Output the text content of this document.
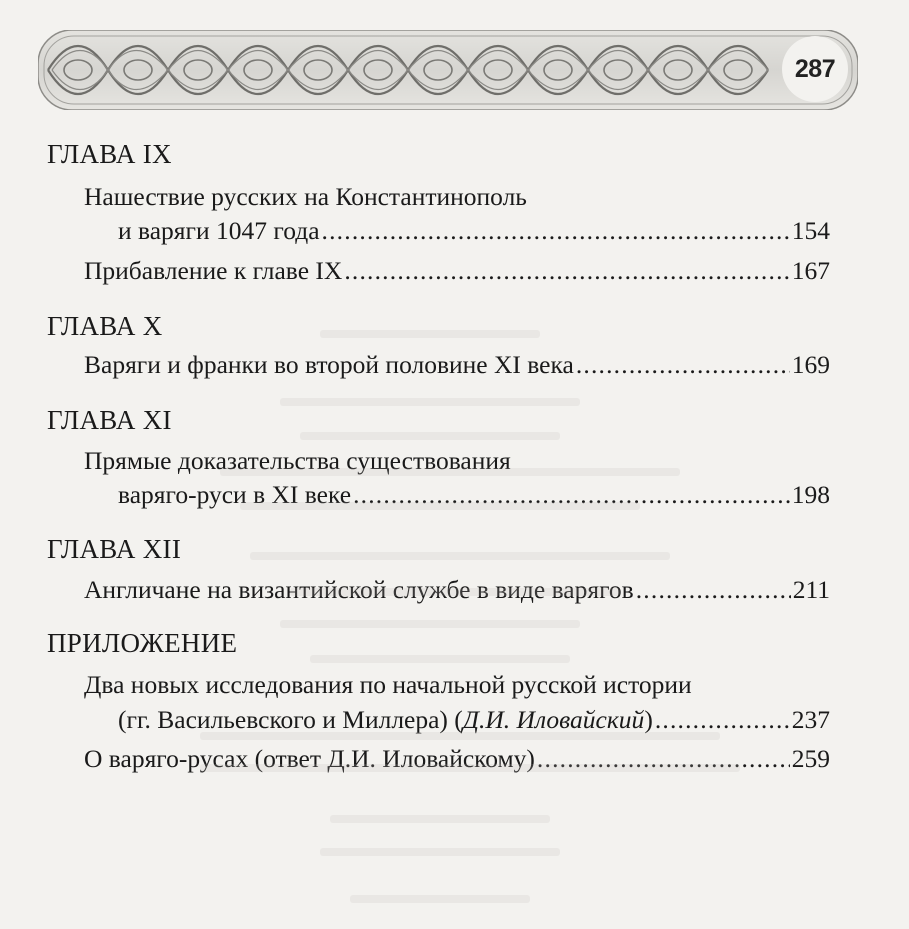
287
ГЛАВА IX
Нашествие русских на Константинополь
и варяги 1047 года .....	154
Прибавление к главе IX .....	167
ГЛАВА X
Варяги и франки во второй половине XI века .....	169
ГЛАВА XI
Прямые доказательства существования
варяго-руси в XI веке .....	198
ГЛАВА XII
Англичане на византийской службе в виде варягов .....	211
ПРИЛОЖЕНИЕ
Два новых исследования по начальной русской истории
(гг. Васильевского и Миллера) ( Д.И. Иловайский ) .....	237
О варяго-русах (ответ Д.И. Иловайскому) .....	259
